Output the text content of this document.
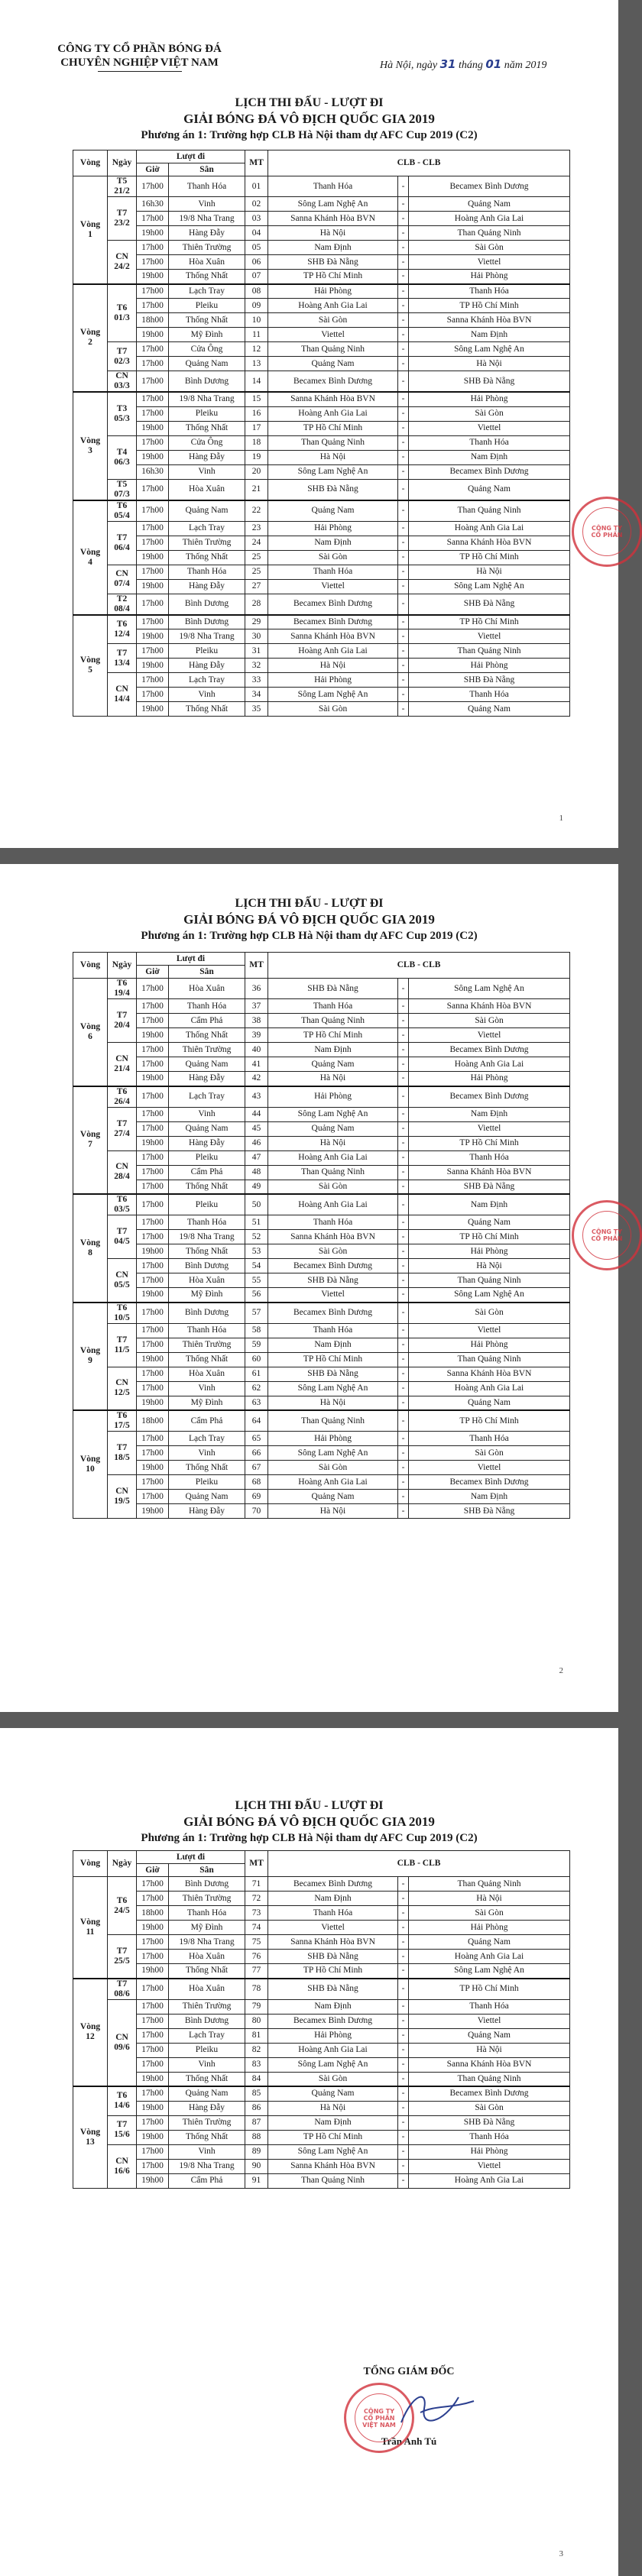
CÔNG TY CỔ PHẦN BÓNG ĐÁ
CHUYÊN NGHIỆP VIỆT NAM	Hà Nội, ngày 31 tháng 01 năm 2019
LỊCH THI ĐẤU - LƯỢT ĐI
GIẢI BÓNG ĐÁ VÔ ĐỊCH QUỐC GIA 2019
Phương án 1: Trường hợp CLB Hà Nội tham dự AFC Cup 2019 (C2)
Vòng	Ngày	Lượt đi		MT	CLB - CLB		
		Giờ	Sân				
Vòng
1	T5
21/2	17h00	Thanh Hóa	01	Thanh Hóa	-	Becamex Bình Dương
	T7
23/2	16h30	Vinh	02	Sông Lam Nghệ An	-	Quảng Nam
		17h00	19/8 Nha Trang	03	Sanna Khánh Hòa BVN	-	Hoàng Anh Gia Lai
		19h00	Hàng Đẫy	04	Hà Nội	-	Than Quảng Ninh
	CN
24/2	17h00	Thiên Trường	05	Nam Định	-	Sài Gòn
		17h00	Hòa Xuân	06	SHB Đà Nẵng	-	Viettel
		19h00	Thống Nhất	07	TP Hồ Chí Minh	-	Hải Phòng
Vòng
2	T6
01/3	17h00	Lạch Tray	08	Hải Phòng	-	Thanh Hóa
		17h00	Pleiku	09	Hoàng Anh Gia Lai	-	TP Hồ Chí Minh
		18h00	Thống Nhất	10	Sài Gòn	-	Sanna Khánh Hòa BVN
		19h00	Mỹ Đình	11	Viettel	-	Nam Định
	T7
02/3	17h00	Cửa Ông	12	Than Quảng Ninh	-	Sông Lam Nghệ An
		17h00	Quảng Nam	13	Quảng Nam	-	Hà Nội
	CN
03/3	17h00	Bình Dương	14	Becamex Bình Dương	-	SHB Đà Nẵng
Vòng
3	T3
05/3	17h00	19/8 Nha Trang	15	Sanna Khánh Hòa BVN	-	Hải Phòng
		17h00	Pleiku	16	Hoàng Anh Gia Lai	-	Sài Gòn
		19h00	Thống Nhất	17	TP Hồ Chí Minh	-	Viettel
	T4
06/3	17h00	Cửa Ông	18	Than Quảng Ninh	-	Thanh Hóa
		19h00	Hàng Đẫy	19	Hà Nội	-	Nam Định
		16h30	Vinh	20	Sông Lam Nghệ An	-	Becamex Bình Dương
	T5
07/3	17h00	Hòa Xuân	21	SHB Đà Nẵng	-	Quảng Nam
Vòng
4	T6
05/4	17h00	Quảng Nam	22	Quảng Nam	-	Than Quảng Ninh
	T7
06/4	17h00	Lạch Tray	23	Hải Phòng	-	Hoàng Anh Gia Lai
		17h00	Thiên Trường	24	Nam Định	-	Sanna Khánh Hòa BVN
		19h00	Thống Nhất	25	Sài Gòn	-	TP Hồ Chí Minh
	CN
07/4	17h00	Thanh Hóa	25	Thanh Hóa	-	Hà Nội
		19h00	Hàng Đẫy	27	Viettel	-	Sông Lam Nghệ An
	T2
08/4	17h00	Bình Dương	28	Becamex Bình Dương	-	SHB Đà Nẵng
Vòng
5	T6
12/4	17h00	Bình Dương	29	Becamex Bình Dương	-	TP Hồ Chí Minh
		19h00	19/8 Nha Trang	30	Sanna Khánh Hòa BVN	-	Viettel
	T7
13/4	17h00	Pleiku	31	Hoàng Anh Gia Lai	-	Than Quảng Ninh
		19h00	Hàng Đẫy	32	Hà Nội	-	Hải Phòng
	CN
14/4	17h00	Lạch Tray	33	Hải Phòng	-	SHB Đà Nẵng
		17h00	Vinh	34	Sông Lam Nghệ An	-	Thanh Hóa
		19h00	Thống Nhất	35	Sài Gòn	-	Quảng Nam
CÔNG TY
CỔ PHẦN
1
LỊCH THI ĐẤU - LƯỢT ĐI
GIẢI BÓNG ĐÁ VÔ ĐỊCH QUỐC GIA 2019
Phương án 1: Trường hợp CLB Hà Nội tham dự AFC Cup 2019 (C2)
Vòng	Ngày	Lượt đi		MT	CLB - CLB		
		Giờ	Sân				
Vòng
6	T6
19/4	17h00	Hòa Xuân	36	SHB Đà Nẵng	-	Sông Lam Nghệ An
	T7
20/4	17h00	Thanh Hóa	37	Thanh Hóa	-	Sanna Khánh Hòa BVN
		17h00	Cẩm Phả	38	Than Quảng Ninh	-	Sài Gòn
		19h00	Thống Nhất	39	TP Hồ Chí Minh	-	Viettel
	CN
21/4	17h00	Thiên Trường	40	Nam Định	-	Becamex Bình Dương
		17h00	Quảng Nam	41	Quảng Nam	-	Hoàng Anh Gia Lai
		19h00	Hàng Đẫy	42	Hà Nội	-	Hải Phòng
Vòng
7	T6
26/4	17h00	Lạch Tray	43	Hải Phòng	-	Becamex Bình Dương
	T7
27/4	17h00	Vinh	44	Sông Lam Nghệ An	-	Nam Định
		17h00	Quảng Nam	45	Quảng Nam	-	Viettel
		19h00	Hàng Đẫy	46	Hà Nội	-	TP Hồ Chí Minh
	CN
28/4	17h00	Pleiku	47	Hoàng Anh Gia Lai	-	Thanh Hóa
		17h00	Cẩm Phả	48	Than Quảng Ninh	-	Sanna Khánh Hòa BVN
		17h00	Thống Nhất	49	Sài Gòn	-	SHB Đà Nẵng
Vòng
8	T6
03/5	17h00	Pleiku	50	Hoàng Anh Gia Lai	-	Nam Định
	T7
04/5	17h00	Thanh Hóa	51	Thanh Hóa	-	Quảng Nam
		17h00	19/8 Nha Trang	52	Sanna Khánh Hòa BVN	-	TP Hồ Chí Minh
		19h00	Thống Nhất	53	Sài Gòn	-	Hải Phòng
	CN
05/5	17h00	Bình Dương	54	Becamex Bình Dương	-	Hà Nội
		17h00	Hòa Xuân	55	SHB Đà Nẵng	-	Than Quảng Ninh
		19h00	Mỹ Đình	56	Viettel	-	Sông Lam Nghệ An
Vòng
9	T6
10/5	17h00	Bình Dương	57	Becamex Bình Dương	-	Sài Gòn
	T7
11/5	17h00	Thanh Hóa	58	Thanh Hóa	-	Viettel
		17h00	Thiên Trường	59	Nam Định	-	Hải Phòng
		19h00	Thống Nhất	60	TP Hồ Chí Minh	-	Than Quảng Ninh
	CN
12/5	17h00	Hòa Xuân	61	SHB Đà Nẵng	-	Sanna Khánh Hòa BVN
		17h00	Vinh	62	Sông Lam Nghệ An	-	Hoàng Anh Gia Lai
		19h00	Mỹ Đình	63	Hà Nội	-	Quảng Nam
Vòng
10	T6
17/5	18h00	Cẩm Phả	64	Than Quảng Ninh	-	TP Hồ Chí Minh
	T7
18/5	17h00	Lạch Tray	65	Hải Phòng	-	Thanh Hóa
		17h00	Vinh	66	Sông Lam Nghệ An	-	Sài Gòn
		19h00	Thống Nhất	67	Sài Gòn	-	Viettel
	CN
19/5	17h00	Pleiku	68	Hoàng Anh Gia Lai	-	Becamex Bình Dương
		17h00	Quảng Nam	69	Quảng Nam	-	Nam Định
		19h00	Hàng Đẫy	70	Hà Nội	-	SHB Đà Nẵng
CÔNG TY
CỔ PHẦN
2
LỊCH THI ĐẤU - LƯỢT ĐI
GIẢI BÓNG ĐÁ VÔ ĐỊCH QUỐC GIA 2019
Phương án 1: Trường hợp CLB Hà Nội tham dự AFC Cup 2019 (C2)
Vòng	Ngày	Lượt đi		MT	CLB - CLB		
		Giờ	Sân				
Vòng
11	T6
24/5	17h00	Bình Dương	71	Becamex Bình Dương	-	Than Quảng Ninh
		17h00	Thiên Trường	72	Nam Định	-	Hà Nội
		18h00	Thanh Hóa	73	Thanh Hóa	-	Sài Gòn
		19h00	Mỹ Đình	74	Viettel	-	Hải Phòng
	T7
25/5	17h00	19/8 Nha Trang	75	Sanna Khánh Hòa BVN	-	Quảng Nam
		17h00	Hòa Xuân	76	SHB Đà Nẵng	-	Hoàng Anh Gia Lai
		19h00	Thống Nhất	77	TP Hồ Chí Minh	-	Sông Lam Nghệ An
Vòng
12	T7
08/6	17h00	Hòa Xuân	78	SHB Đà Nẵng	-	TP Hồ Chí Minh
	CN
09/6	17h00	Thiên Trường	79	Nam Định	-	Thanh Hóa
		17h00	Bình Dương	80	Becamex Bình Dương	-	Viettel
		17h00	Lạch Tray	81	Hải Phòng	-	Quảng Nam
		17h00	Pleiku	82	Hoàng Anh Gia Lai	-	Hà Nội
		17h00	Vinh	83	Sông Lam Nghệ An	-	Sanna Khánh Hòa BVN
		19h00	Thống Nhất	84	Sài Gòn	-	Than Quảng Ninh
Vòng
13	T6
14/6	17h00	Quảng Nam	85	Quảng Nam	-	Becamex Bình Dương
		19h00	Hàng Đẫy	86	Hà Nội	-	Sài Gòn
	T7
15/6	17h00	Thiên Trường	87	Nam Định	-	SHB Đà Nẵng
		19h00	Thống Nhất	88	TP Hồ Chí Minh	-	Thanh Hóa
	CN
16/6	17h00	Vinh	89	Sông Lam Nghệ An	-	Hải Phòng
		17h00	19/8 Nha Trang	90	Sanna Khánh Hòa BVN	-	Viettel
		19h00	Cẩm Phả	91	Than Quảng Ninh	-	Hoàng Anh Gia Lai
TỔNG GIÁM ĐỐC
CÔNG TY
CỔ PHẦN
VIỆT NAM
Trần Anh Tú
3
